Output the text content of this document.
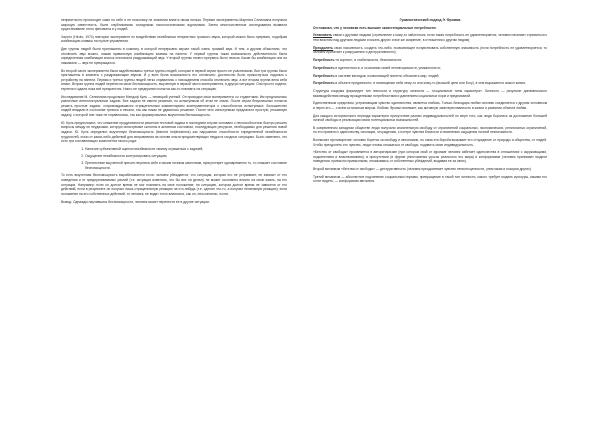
неприятности происходят сами по себе и не поскольку не значения влиять никак нельзя. Первые эксперименты Мартина Селигмана получили широкую известность, были опубликованы солидными психологическими журналами. Затем многочисленные исследования выявили существование этого феномена и у людей.

Хирото (Hiroto, 1974) повторил эксперимент по воздействию неизбежных неприятных громкого звука, который можно было прервать, подобрав комбинацию клавиш на пульте управления.

Две группы людей были приглашены в комнату, в которой непрерывно звучал такой очень громкий звук. И тем, и другим объясняли, что отключить звук можно, нажав правильную комбинацию клавиш на панели. У первой группы такая возможность действительно была определенная комбинация кнопок отключала раздражающий звук. У второй группы ничего прервать было нельзя. Какие бы комбинации они ни нажимали — звук не прекращался.

Во второй части эксперимента были задействованы третьи группы людей, которые в первой серии просто не участвовали. Все три группы были приглашены в комнаты с раздражающим звуком. И у всех была возможность его отключить: достаточно было прикоснуться ладонью к устройству на панели. Первая и третья группы людей легко справились с нахождением способа отключить звук, а вот вторая группа вела себя иначе. Вторая группа людей перенесла свою беспомощность, выученную в первой части эксперимента, в другую ситуацию. Они просто сидели, терпели и ждали пока всё прекратится. Никто не предпринял попыток как-то повлиять на ситуацию.

Исследование М. Селигмана продолжил Мэлдоф Куль — немецкий ученый. Он проводил свои эксперименты со студентами. Им предлагались различные интеллектуальные задачи. Все задачи не имели решения, но испытуемым об этом не знали. После серии безуспешных попыток решить простые задачи, сопровождавшихся отрицательным комментарием экспериментатора о способностях испытуемых, большинство людей впадали в состояние тревоги и печали, так как никак не удавалось решение. После чего испытуемым предлагали простую, решаемую задачу, с которой они тоже не справлялись, так как формировалась выученная беспомощность.

Ю. Куль предположил, что снижение продуктивности решения тестовой задачи в последнем случае основано с неспособностью быстро решить вопросы между их неудачами, которую испытуемые склонны в активном состоянии, последующих ресурсов, необходимых для решения новой задачи. Ю. Куль определил выученную беспомощность (learned helplessness) как нарушение способности определенной неизбежности трудностей, отказ от каких-либо действий для исправления на основе опыта предшествующих неудач в сходных ситуациях. Было замечено, что есть три составляющих компонента такого рода:

1. Наличие субъективной оценки неизбежности своему отражаться с задачей;
2. Ощущение неизбежности контролировать ситуацию;
3. Препятствие выученной причин неуспеха себя и своим личным качествам, присутствует одновременно то, то снижает состояние беспомощности.

То есть выученная беспомощность вырабатывается если: человек убеждается, что ситуация, которая его не устраивает, не зависит от его поведения и от предпринимаемых усилий (т.е. ситуация изменить, что бы все ни делал); не может осознанно влиять на свою жизнь, на его ситуации. Например: если он долгое время не мог повлиять на свое положение; на ситуацию, которая долгое время не зависела от его действий; если в результате он получил лишь отрицательную реакцию на что-нибудь (т.е. сделал что-то, а получил негативную реакцию); если положение на его собственных действий, то человек, не видит этого влияния и, как он, неосознанно, почти.

Вывод: Однажды научившись беспомощности, человек может перенести ее в другие ситуации.

Гуманистический подход Э. Фромма

Он показал, что у человека есть высшие экзистенциальные потребности:

Установить связи с другими людьми (стремление к кому-то заботиться; если такая потребность не удовлетворяется, человек начинает стремиться к тем властям над другими людьми и искать других и все же смирение, в отношении к другим людям);

Преодолеть свою пассивность, создать что-либо, позволяющее почувствовать собственную значимость (если потребность не удовлетворяется, то человек прибегает к разрушению и деструктивности);

Потребность «в корнях», в стабильности, безопасности;

Потребность в идентичности, в осознании своей неповторимости, уникальности;

Потребность в системе взглядов, позволяющей понятно объяснить мир, людей;

Потребность в объекте преданности, в посвящении себя чему-то или кому-то (высшей цели или Богу), в чем выражается смысл жизни.

Структура социума формирует тип личности и структуру личности — «социальные типы характера». Личность — результат динамического взаимодействия между врожденными потребностями и давлением социальных норм и предписаний.

Единственным средством, устраняющим чувство одиночества, является любовь. Только благодаря любви человек соединяется с другим человеком и через это — с всем остальным миром. Любовь Фромм понимает, как активную заинтересованность в жизни и развитии объекта любви.

Для каждого исторического периода характерно присутствие разных индивидуальностей по мере того, как люди боролись за достижение большей личной свободы в реализации своих потенциальных возможностей.

В современном западном обществе люди получили значительную свободу от ограничений социальных, экономических, религиозных ограничений, но это привело к одиночеству, изоляции, отчуждению, к потере чувства близости и появлению ощущения личной незначимости.

Возникает противоречие: человек борется за свободу и автономию, но сама эта борьба вызывает его отчуждение от природы и общества, от людей. Чтобы преодолеть это чувство, люди готовы отказаться от свободы, подавить свою индивидуальность.

«Бегство от свободы» проявляется в авторитаризме (при котором свой от фромме человек избегает одиночества в отношениях с окружающими, подчинением и властвованием), в присутствии (в форме уничтожения угрозы реального его мира) и конформизме (человек принимает модели поведения, привычно привычными, отказываясь от собственных убеждений, выдавая ее за свою).

Второй механизм «бегства от свободы» — деструктивность (человек преодолевает чувство неполноценности, уничтожая и покоряя других).

Третий механизм — абсолютное подчинение социальным нормам, превращение в такой тип личности, какого требует модель культуры, какими его хотят видеть, — конформизм автомата.
